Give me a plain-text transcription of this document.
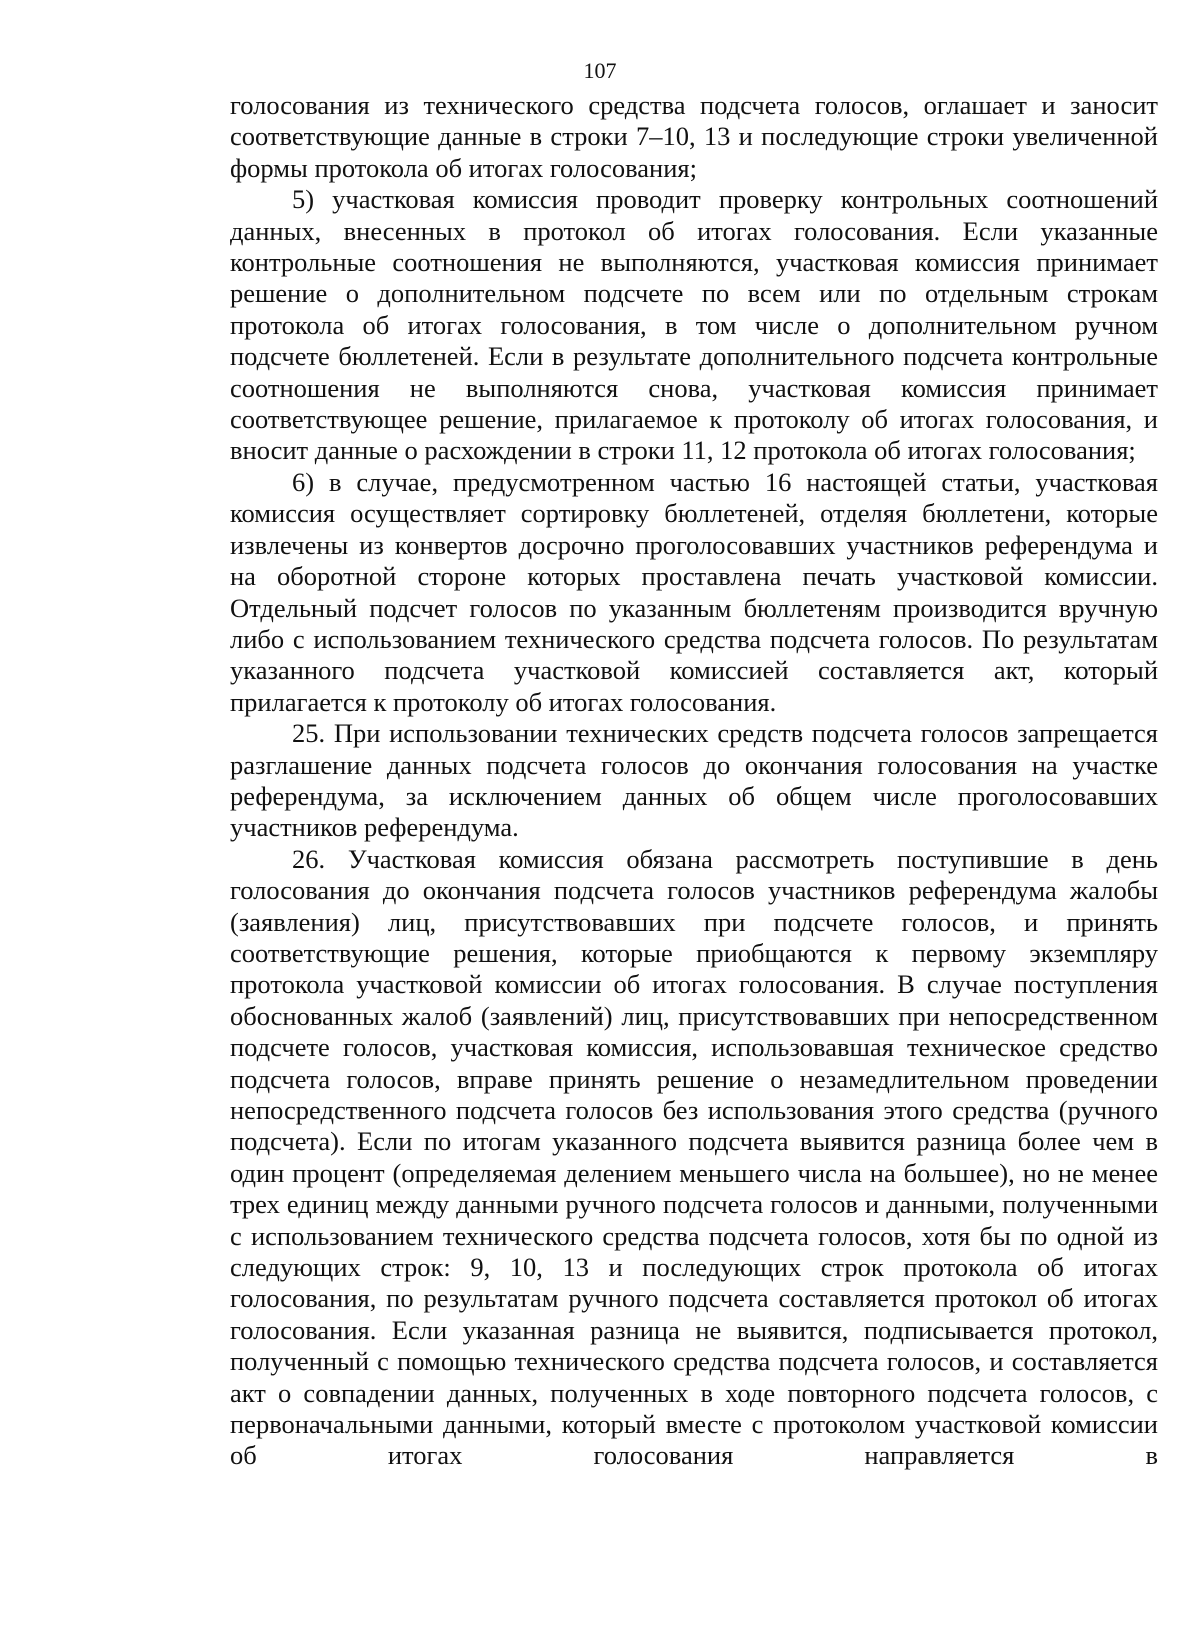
107

голосования из технического средства подсчета голосов, оглашает и заносит соответствующие данные в строки 7–10, 13 и последующие строки увеличенной формы протокола об итогах голосования;

5) участковая комиссия проводит проверку контрольных соотношений данных, внесенных в протокол об итогах голосования. Если указанные контрольные соотношения не выполняются, участковая комиссия принимает решение о дополнительном подсчете по всем или по отдельным строкам протокола об итогах голосования, в том числе о дополнительном ручном подсчете бюллетеней. Если в результате дополнительного подсчета контрольные соотношения не выполняются снова, участковая комиссия принимает соответствующее решение, прилагаемое к протоколу об итогах голосования, и вносит данные о расхождении в строки 11, 12 протокола об итогах голосования;

6) в случае, предусмотренном частью 16 настоящей статьи, участковая комиссия осуществляет сортировку бюллетеней, отделяя бюллетени, которые извлечены из конвертов досрочно проголосовавших участников референдума и на оборотной стороне которых проставлена печать участковой комиссии. Отдельный подсчет голосов по указанным бюллетеням производится вручную либо с использованием технического средства подсчета голосов. По результатам указанного подсчета участковой комиссией составляется акт, который прилагается к протоколу об итогах голосования.

25. При использовании технических средств подсчета голосов запрещается разглашение данных подсчета голосов до окончания голосования на участке референдума, за исключением данных об общем числе проголосовавших участников референдума.

26. Участковая комиссия обязана рассмотреть поступившие в день голосования до окончания подсчета голосов участников референдума жалобы (заявления) лиц, присутствовавших при подсчете голосов, и принять соответствующие решения, которые приобщаются к первому экземпляру протокола участковой комиссии об итогах голосования. В случае поступления обоснованных жалоб (заявлений) лиц, присутствовавших при непосредственном подсчете голосов, участковая комиссия, использовавшая техническое средство подсчета голосов, вправе принять решение о незамедлительном проведении непосредственного подсчета голосов без использования этого средства (ручного подсчета). Если по итогам указанного подсчета выявится разница более чем в один процент (определяемая делением меньшего числа на большее), но не менее трех единиц между данными ручного подсчета голосов и данными, полученными с использованием технического средства подсчета голосов, хотя бы по одной из следующих строк: 9, 10, 13 и последующих строк протокола об итогах голосования, по результатам ручного подсчета составляется протокол об итогах голосования. Если указанная разница не выявится, подписывается протокол, полученный с помощью технического средства подсчета голосов, и составляется акт о совпадении данных, полученных в ходе повторного подсчета голосов, с первоначальными данными, который вместе с протоколом участковой комиссии об итогах голосования направляется в
